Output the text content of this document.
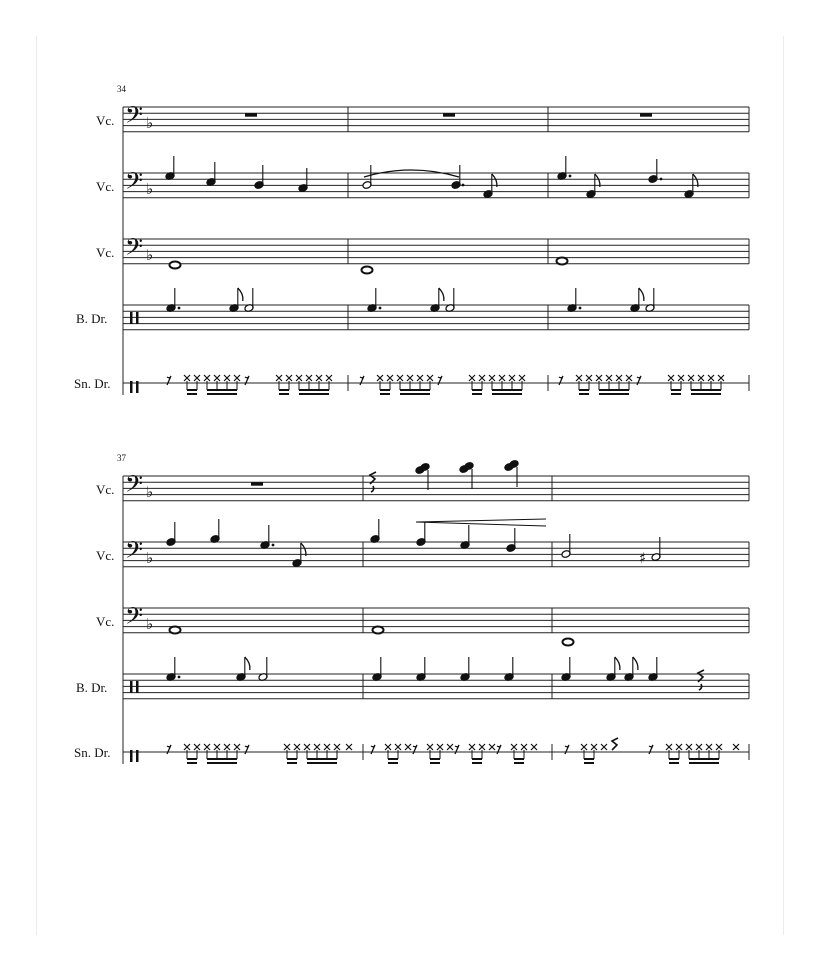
34
Vc. 𝄢 ♭
Vc. 𝄢 ♭
Vc. 𝄢 ♭
B. Dr.
Sn. Dr.
37
Vc. 𝄢 ♭
Vc. 𝄢 ♭
Vc. 𝄢 ♭
B. Dr.
Sn. Dr.
♯
